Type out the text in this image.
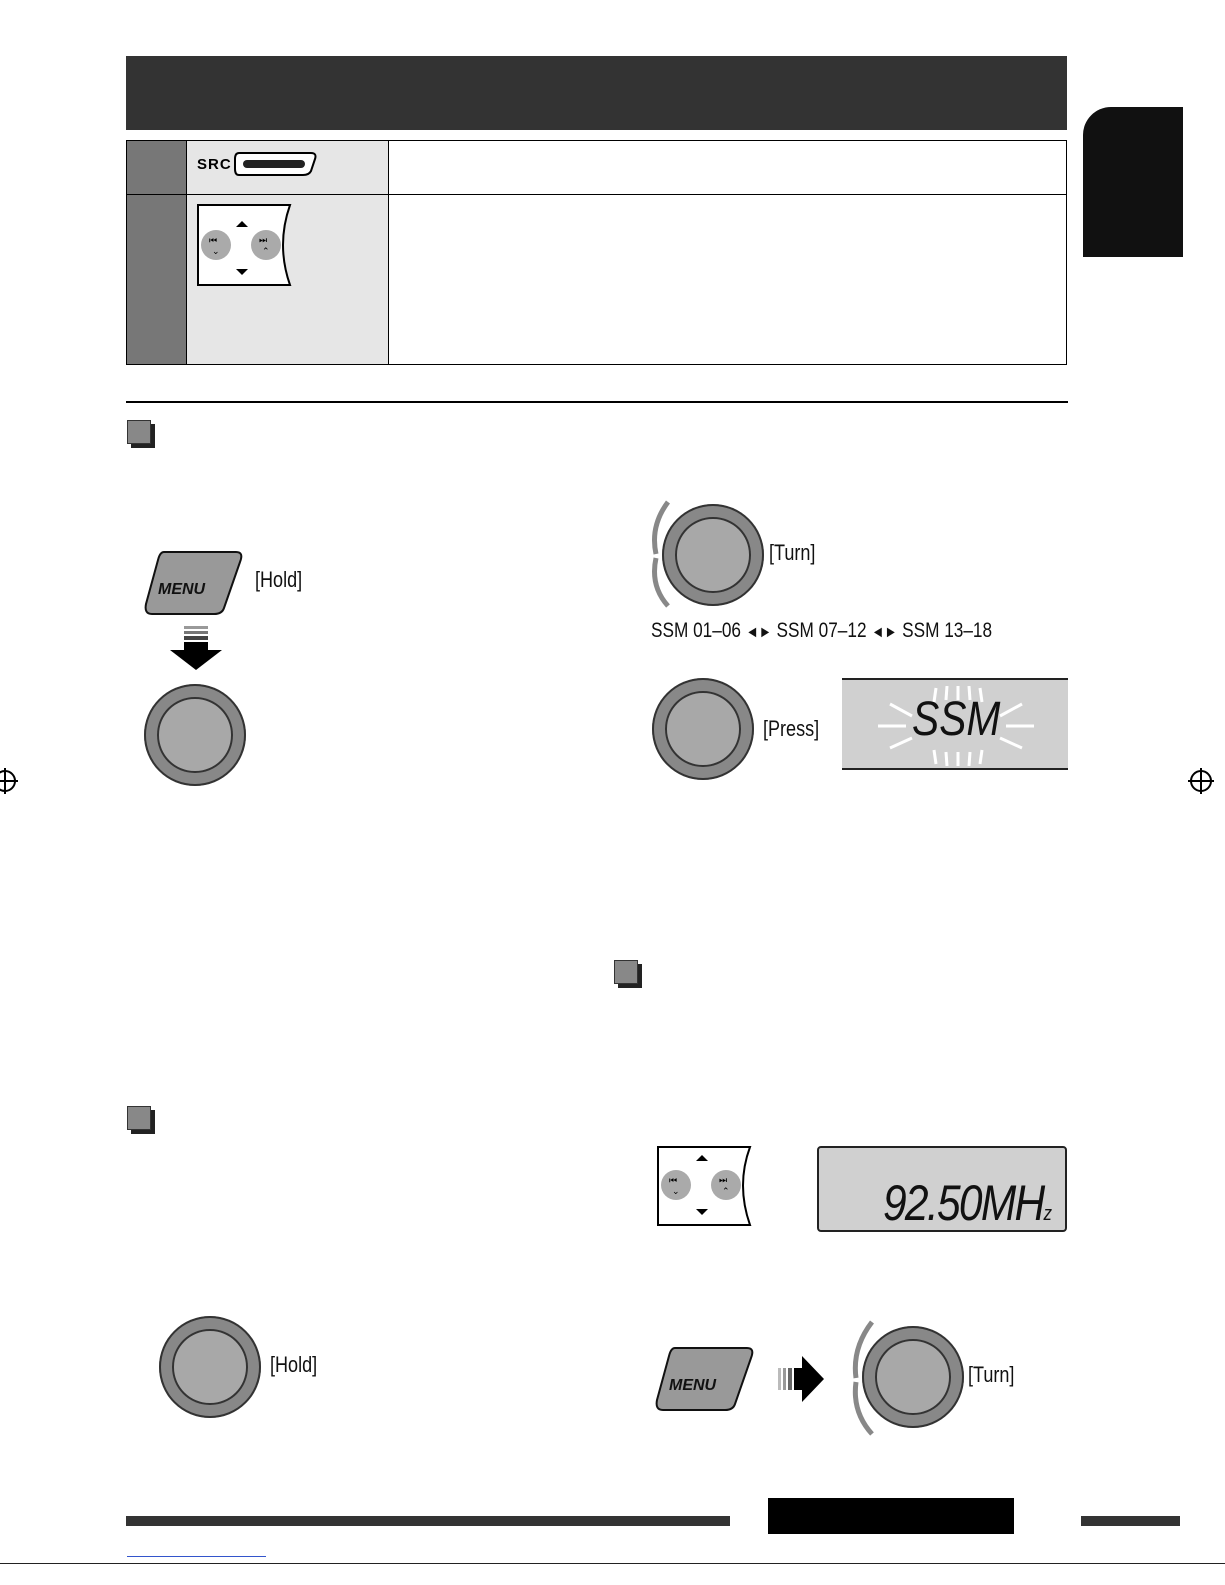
SRC
⏮
⌄
⏭
⌃
MENU [Hold]
[Turn]
SSM 01–06 ◄► SSM 07–12 ◄► SSM 13–18
[Press] SSM
[Hold]
⏮
⌄
⏭
⌃	92.50MHz
MENU	[Turn]
